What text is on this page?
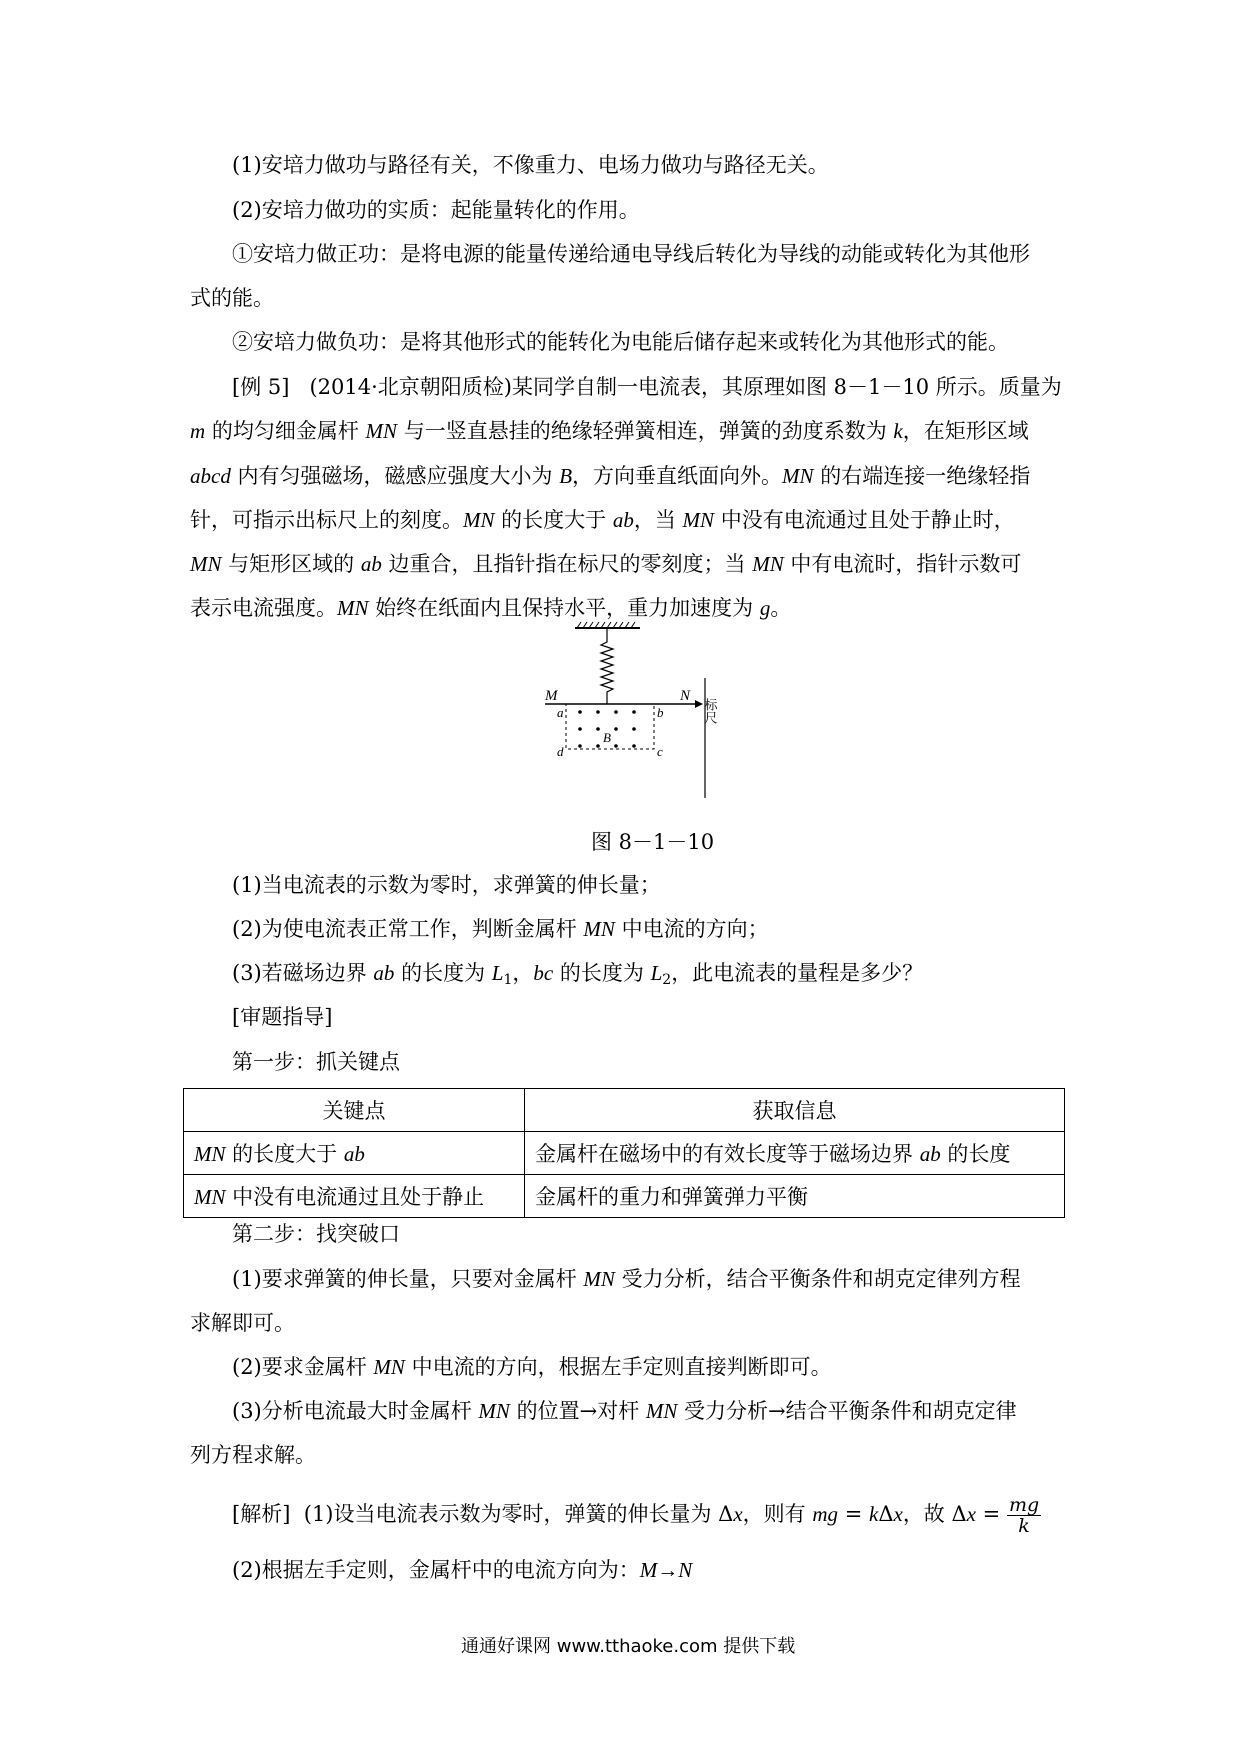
(1)安培力做功与路径有关，不像重力、电场力做功与路径无关。
(2)安培力做功的实质：起能量转化的作用。
①安培力做正功：是将电源的能量传递给通电导线后转化为导线的动能或转化为其他形
式的能。
②安培力做负功：是将其他形式的能转化为电能后储存起来或转化为其他形式的能。
[例 5] (2014·北京朝阳质检)某同学自制一电流表，其原理如图 8－1－10 所示。质量为
m 的均匀细金属杆 MN 与一竖直悬挂的绝缘轻弹簧相连，弹簧的劲度系数为 k，在矩形区域
abcd 内有匀强磁场，磁感应强度大小为 B，方向垂直纸面向外。MN 的右端连接一绝缘轻指
针，可指示出标尺上的刻度。MN 的长度大于 ab，当 MN 中没有电流通过且处于静止时，
MN 与矩形区域的 ab 边重合，且指针指在标尺的零刻度；当 MN 中有电流时，指针示数可
表示电流强度。MN 始终在纸面内且保持水平，重力加速度为 g。
M	N
a	b
c
d
B
标尺
图 8－1－10
(1)当电流表的示数为零时，求弹簧的伸长量；
(2)为使电流表正常工作，判断金属杆 MN 中电流的方向；
(3)若磁场边界 ab 的长度为 $L_1$，bc 的长度为 $L_2$，此电流表的量程是多少？
[审题指导]
第一步：抓关键点
关键点	获取信息
MN 的长度大于 ab	金属杆在磁场中的有效长度等于磁场边界 ab 的长度
MN 中没有电流通过且处于静止	金属杆的重力和弹簧弹力平衡
第二步：找突破口
(1)要求弹簧的伸长量，只要对金属杆 MN 受力分析，结合平衡条件和胡克定律列方程
求解即可。
(2)要求金属杆 MN 中电流的方向，根据左手定则直接判断即可。
(3)分析电流最大时金属杆 MN 的位置→对杆 MN 受力分析→结合平衡条件和胡克定律
列方程求解。
[解析] (1)设当电流表示数为零时，弹簧的伸长量为 Δx，则有 mg = kΔx，故 $\Delta x = \frac{mg}{k}$
(2)根据左手定则，金属杆中的电流方向为：M→N
通通好课网 www.tthaoke.com 提供下载
